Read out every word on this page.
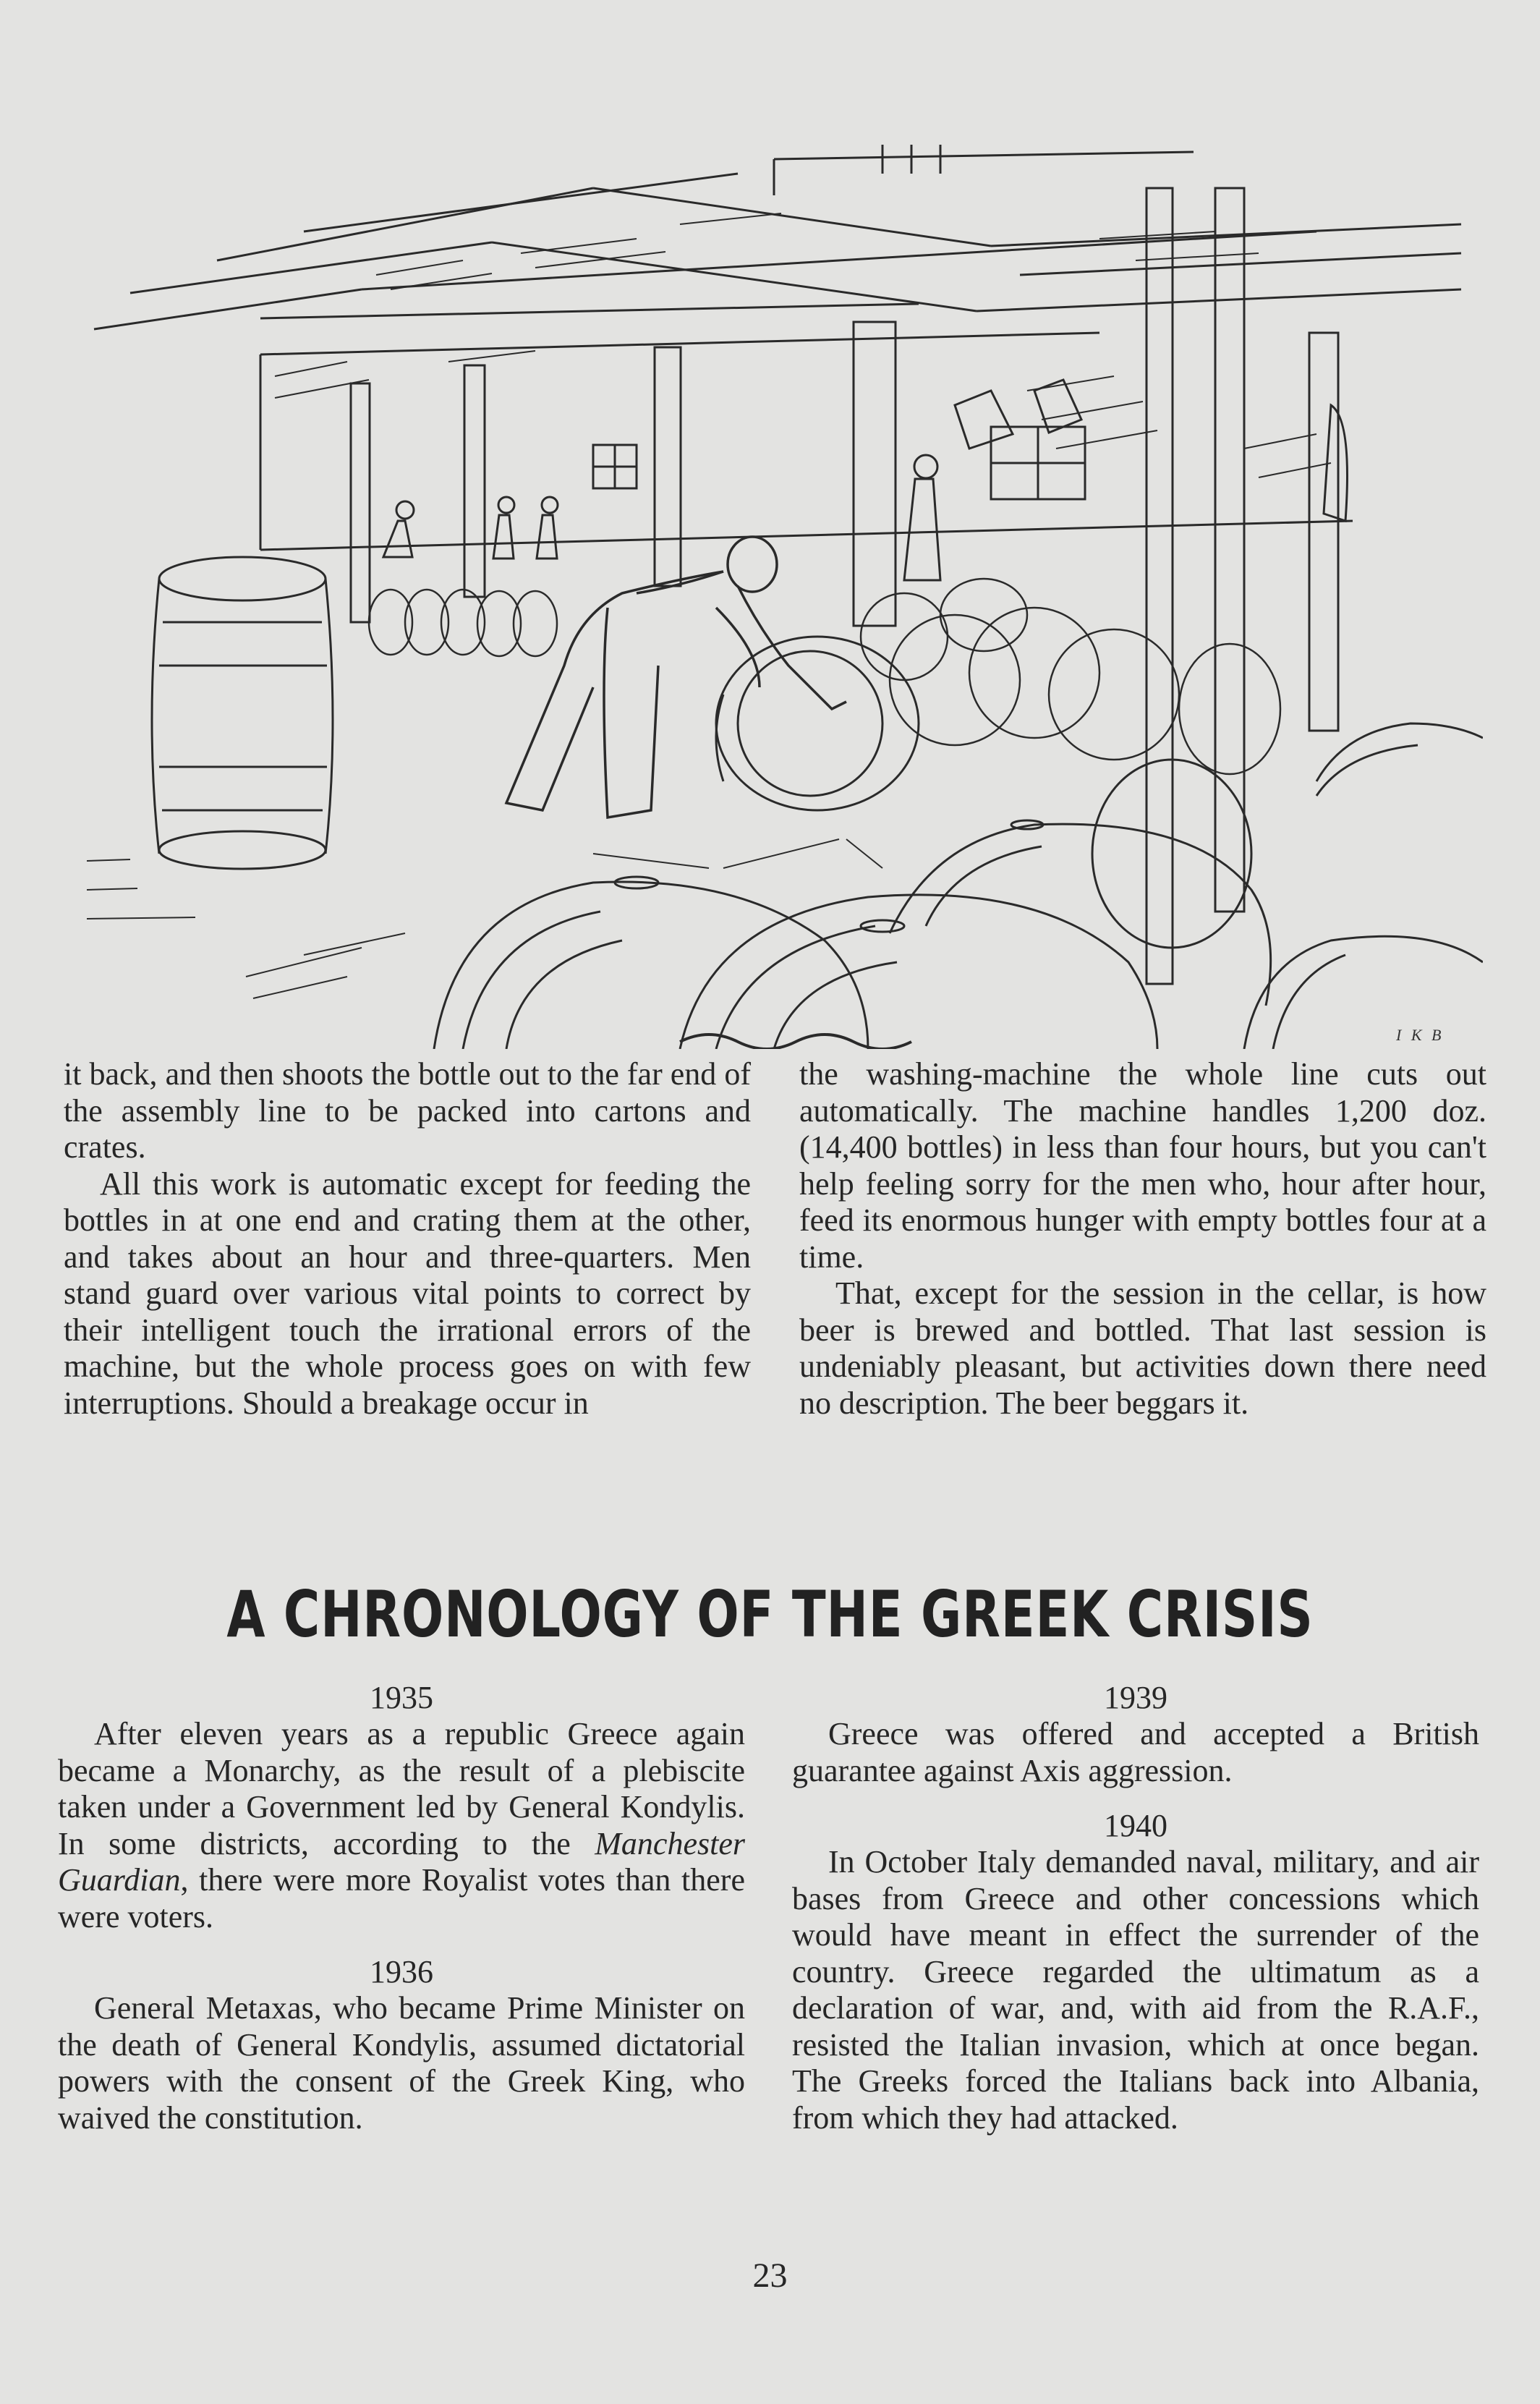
I K B

it back, and then shoots the bottle out to the far end of the assembly line to be packed into cartons and crates.

All this work is automatic except for feeding the bottles in at one end and crating them at the other, and takes about an hour and three-quarters. Men stand guard over various vital points to correct by their intelligent touch the irrational errors of the machine, but the whole process goes on with few interruptions. Should a breakage occur in

the washing-machine the whole line cuts out automatically. The machine handles 1,200 doz. (14,400 bottles) in less than four hours, but you can't help feeling sorry for the men who, hour after hour, feed its enormous hunger with empty bottles four at a time.

That, except for the session in the cellar, is how beer is brewed and bottled. That last session is undeniably pleasant, but activities down there need no description. The beer beggars it.

A CHRONOLOGY OF THE GREEK CRISIS

1935

After eleven years as a republic Greece again became a Monarchy, as the result of a plebiscite taken under a Government led by General Kondylis. In some districts, according to the Manchester Guardian, there were more Royalist votes than there were voters.

1936

General Metaxas, who became Prime Minister on the death of General Kondylis, assumed dictatorial powers with the consent of the Greek King, who waived the constitution.

1939

Greece was offered and accepted a British guarantee against Axis aggression.

1940

In October Italy demanded naval, military, and air bases from Greece and other concessions which would have meant in effect the surrender of the country. Greece regarded the ultimatum as a declaration of war, and, with aid from the R.A.F., resisted the Italian invasion, which at once began. The Greeks forced the Italians back into Albania, from which they had attacked.

23
